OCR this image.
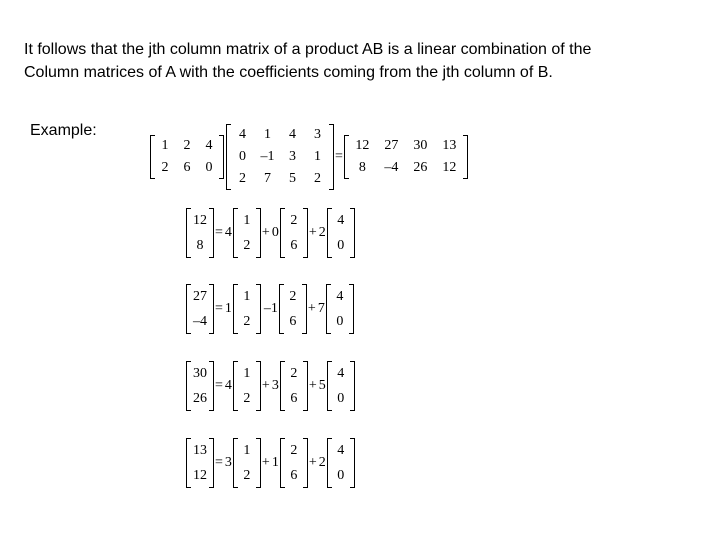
It follows that the jth column matrix of a product AB is a linear combination of the
Column matrices of A with the coefficients coming from the jth column of B.
Example:
1	2	4
2	6	0
4	1	4	3
0	–1	3	1
2	7	5	2
=
12	27	30	13
8	–4	26	12
12
8
= 4
1
2
+ 0
2
6
+ 2
4
0
27
–4
= 1
1
2
–1
2
6
+ 7
4
0
30
26
= 4
1
2
+ 3
2
6
+ 5
4
0
13
12
= 3
1
2
+ 1
2
6
+ 2
4
0
